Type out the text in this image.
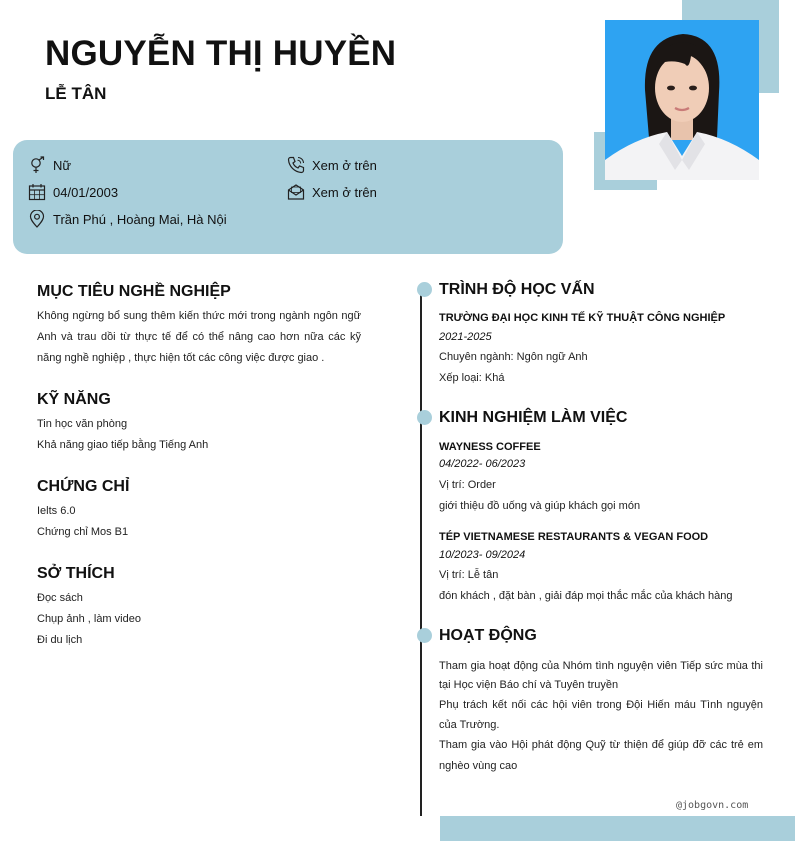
NGUYỄN THỊ HUYỀN
LỄ TÂN
Nữ
04/01/2003
Trần Phú , Hoàng Mai, Hà Nội
Xem ở trên
Xem ở trên
MỤC TIÊU NGHỀ NGHIỆP
Không ngừng bổ sung thêm kiến thức mới trong ngành ngôn ngữ Anh và trau dồi từ thực tế để có thể nâng cao hơn nữa các kỹ năng nghề nghiệp , thực hiện tốt các công việc được giao .
KỸ NĂNG
Tin học văn phòng
Khả năng giao tiếp bằng Tiếng Anh
CHỨNG CHỈ
Ielts 6.0
Chứng chỉ Mos B1
SỞ THÍCH
Đọc sách
Chụp ảnh , làm video
Đi du lịch
TRÌNH ĐỘ HỌC VẤN
TRƯỜNG ĐẠI HỌC KINH TẾ KỸ THUẬT CÔNG NGHIỆP
2021-2025
Chuyên ngành: Ngôn ngữ Anh
Xếp loại: Khá
KINH NGHIỆM LÀM VIỆC
WAYNESS COFFEE
04/2022- 06/2023
Vị trí: Order
giới thiệu đồ uống và giúp khách gọi món
TÉP VIETNAMESE RESTAURANTS & VEGAN FOOD
10/2023- 09/2024
Vị trí: Lễ tân
đón khách , đặt bàn , giải đáp mọi thắc mắc của khách hàng
HOẠT ĐỘNG
Tham gia hoạt động của Nhóm tình nguyện viên Tiếp sức mùa thi tại Học viện Báo chí và Tuyên truyền
Phụ trách kết nối các hội viên trong Đội Hiến máu Tình nguyện của Trường.
Tham gia vào Hội phát động Quỹ từ thiện để giúp đỡ các trẻ em nghèo vùng cao
@jobgovn.com
